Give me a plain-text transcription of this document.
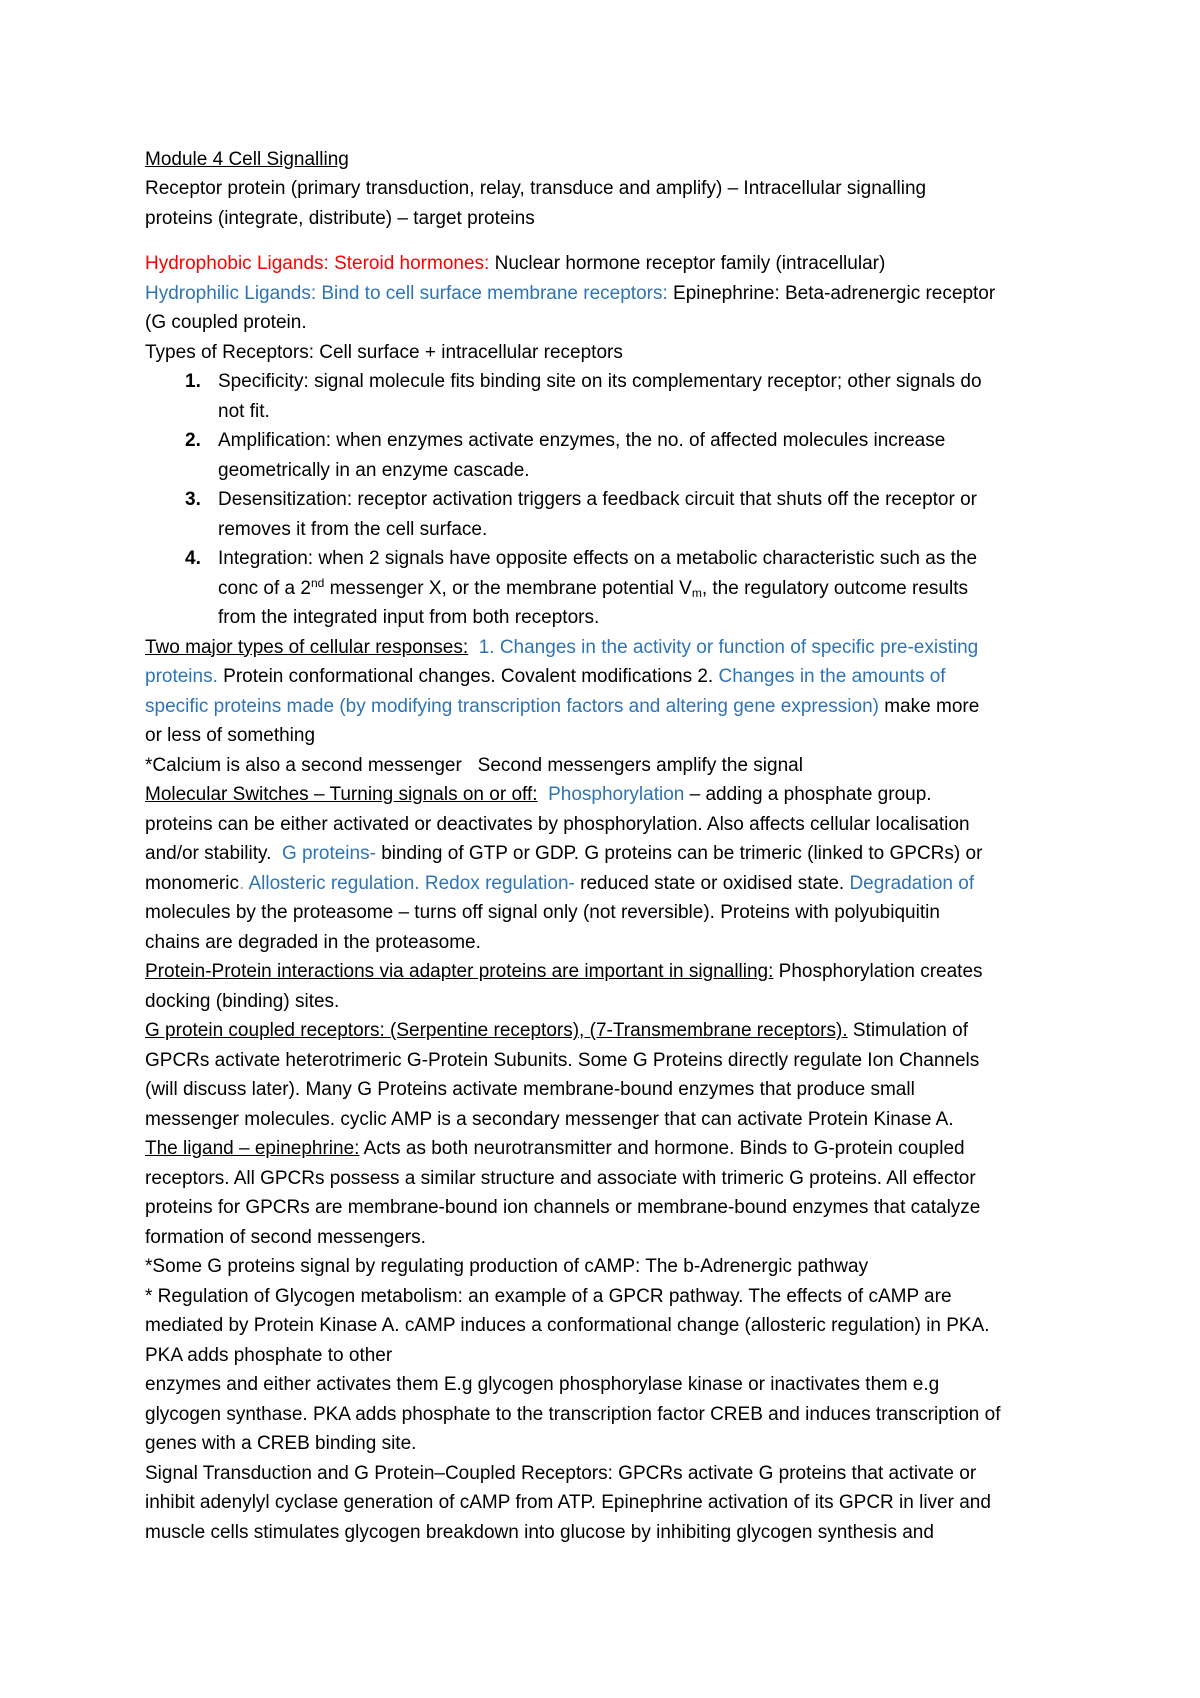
Module 4 Cell Signalling
Receptor protein (primary transduction, relay, transduce and amplify) – Intracellular signalling
proteins (integrate, distribute) – target proteins
Hydrophobic Ligands: Steroid hormones: Nuclear hormone receptor family (intracellular)
Hydrophilic Ligands: Bind to cell surface membrane receptors: Epinephrine: Beta-adrenergic receptor
(G coupled protein.
Types of Receptors: Cell surface + intracellular receptors
1. Specificity: signal molecule fits binding site on its complementary receptor; other signals do
not fit.
2. Amplification: when enzymes activate enzymes, the no. of affected molecules increase
geometrically in an enzyme cascade.
3. Desensitization: receptor activation triggers a feedback circuit that shuts off the receptor or
removes it from the cell surface.
4. Integration: when 2 signals have opposite effects on a metabolic characteristic such as the
conc of a 2nd messenger X, or the membrane potential $V_m$, the regulatory outcome results
from the integrated input from both receptors.
Two major types of cellular responses: 1. Changes in the activity or function of specific pre-existing
proteins. Protein conformational changes. Covalent modifications 2. Changes in the amounts of
specific proteins made (by modifying transcription factors and altering gene expression) make more
or less of something
*Calcium is also a second messenger   Second messengers amplify the signal
Molecular Switches – Turning signals on or off: Phosphorylation – adding a phosphate group.
proteins can be either activated or deactivates by phosphorylation. Also affects cellular localisation
and/or stability.  G proteins- binding of GTP or GDP. G proteins can be trimeric (linked to GPCRs) or
monomeric. Allosteric regulation. Redox regulation- reduced state or oxidised state. Degradation of
molecules by the proteasome – turns off signal only (not reversible). Proteins with polyubiquitin
chains are degraded in the proteasome.
Protein-Protein interactions via adapter proteins are important in signalling: Phosphorylation creates
docking (binding) sites.
G protein coupled receptors: (Serpentine receptors), (7-Transmembrane receptors). Stimulation of
GPCRs activate heterotrimeric G-Protein Subunits. Some G Proteins directly regulate Ion Channels
(will discuss later). Many G Proteins activate membrane-bound enzymes that produce small
messenger molecules. cyclic AMP is a secondary messenger that can activate Protein Kinase A.
The ligand – epinephrine: Acts as both neurotransmitter and hormone. Binds to G-protein coupled
receptors. All GPCRs possess a similar structure and associate with trimeric G proteins. All effector
proteins for GPCRs are membrane-bound ion channels or membrane-bound enzymes that catalyze
formation of second messengers.
*Some G proteins signal by regulating production of cAMP: The b-Adrenergic pathway
* Regulation of Glycogen metabolism: an example of a GPCR pathway. The effects of cAMP are
mediated by Protein Kinase A. cAMP induces a conformational change (allosteric regulation) in PKA.
PKA adds phosphate to other
enzymes and either activates them E.g glycogen phosphorylase kinase or inactivates them e.g
glycogen synthase. PKA adds phosphate to the transcription factor CREB and induces transcription of
genes with a CREB binding site.
Signal Transduction and G Protein–Coupled Receptors: GPCRs activate G proteins that activate or
inhibit adenylyl cyclase generation of cAMP from ATP. Epinephrine activation of its GPCR in liver and
muscle cells stimulates glycogen breakdown into glucose by inhibiting glycogen synthesis and
